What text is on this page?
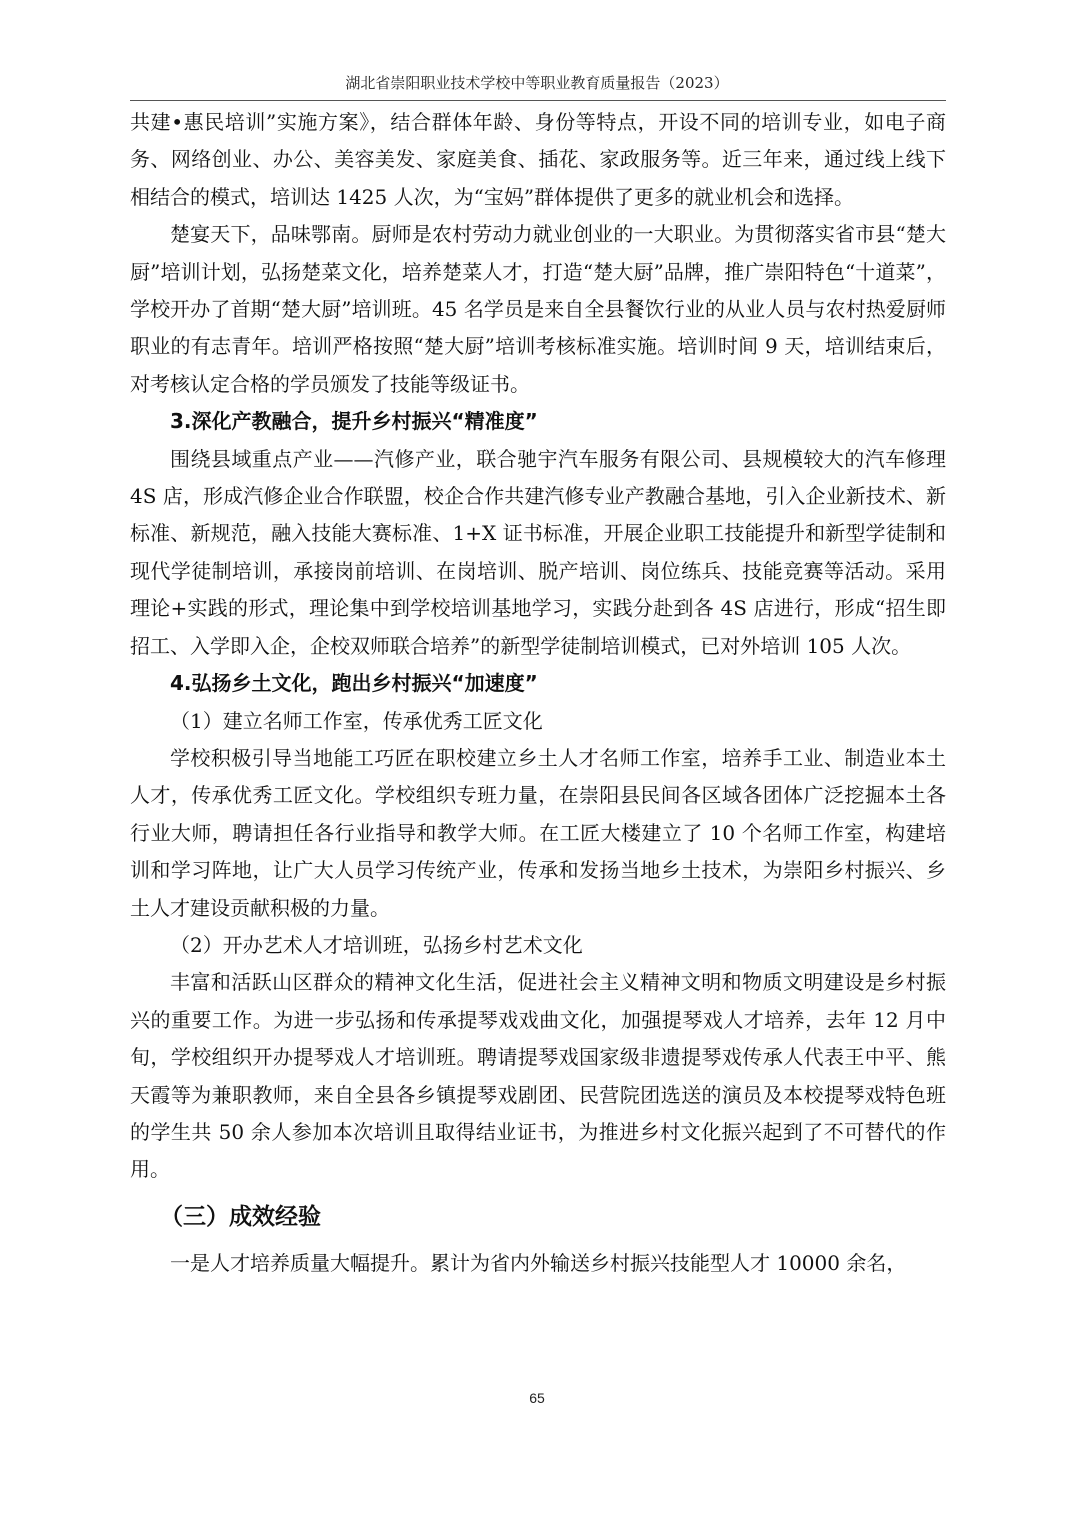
湖北省崇阳职业技术学校中等职业教育质量报告（2023）

共建•惠民培训”实施方案》，结合群体年龄、身份等特点，开设不同的培训专业，如电子商务、网络创业、办公、美容美发、家庭美食、插花、家政服务等。近三年来，通过线上线下相结合的模式，培训达 1425 人次，为“宝妈”群体提供了更多的就业机会和选择。

楚宴天下，品味鄂南。厨师是农村劳动力就业创业的一大职业。为贯彻落实省市县“楚大厨”培训计划，弘扬楚菜文化，培养楚菜人才，打造“楚大厨”品牌，推广崇阳特色“十道菜”，学校开办了首期“楚大厨”培训班。45 名学员是来自全县餐饮行业的从业人员与农村热爱厨师职业的有志青年。培训严格按照“楚大厨”培训考核标准实施。培训时间 9 天，培训结束后，对考核认定合格的学员颁发了技能等级证书。

3.深化产教融合，提升乡村振兴“精准度”

围绕县域重点产业——汽修产业，联合驰宇汽车服务有限公司、县规模较大的汽车修理 4S 店，形成汽修企业合作联盟，校企合作共建汽修专业产教融合基地，引入企业新技术、新标准、新规范，融入技能大赛标准、1+X 证书标准，开展企业职工技能提升和新型学徒制和现代学徒制培训，承接岗前培训、在岗培训、脱产培训、岗位练兵、技能竞赛等活动。采用理论+实践的形式，理论集中到学校培训基地学习，实践分赴到各 4S 店进行，形成“招生即招工、入学即入企，企校双师联合培养”的新型学徒制培训模式，已对外培训 105 人次。

4.弘扬乡土文化，跑出乡村振兴“加速度”

（1）建立名师工作室，传承优秀工匠文化

学校积极引导当地能工巧匠在职校建立乡土人才名师工作室，培养手工业、制造业本土人才，传承优秀工匠文化。学校组织专班力量，在崇阳县民间各区域各团体广泛挖掘本土各行业大师，聘请担任各行业指导和教学大师。在工匠大楼建立了 10 个名师工作室，构建培训和学习阵地，让广大人员学习传统产业，传承和发扬当地乡土技术，为崇阳乡村振兴、乡土人才建设贡献积极的力量。

（2）开办艺术人才培训班，弘扬乡村艺术文化

丰富和活跃山区群众的精神文化生活，促进社会主义精神文明和物质文明建设是乡村振兴的重要工作。为进一步弘扬和传承提琴戏戏曲文化，加强提琴戏人才培养，去年 12 月中旬，学校组织开办提琴戏人才培训班。聘请提琴戏国家级非遗提琴戏传承人代表王中平、熊天霞等为兼职教师，来自全县各乡镇提琴戏剧团、民营院团选送的演员及本校提琴戏特色班的学生共 50 余人参加本次培训且取得结业证书，为推进乡村文化振兴起到了不可替代的作用。

（三）成效经验

一是人才培养质量大幅提升。累计为省内外输送乡村振兴技能型人才 10000 余名，

65
